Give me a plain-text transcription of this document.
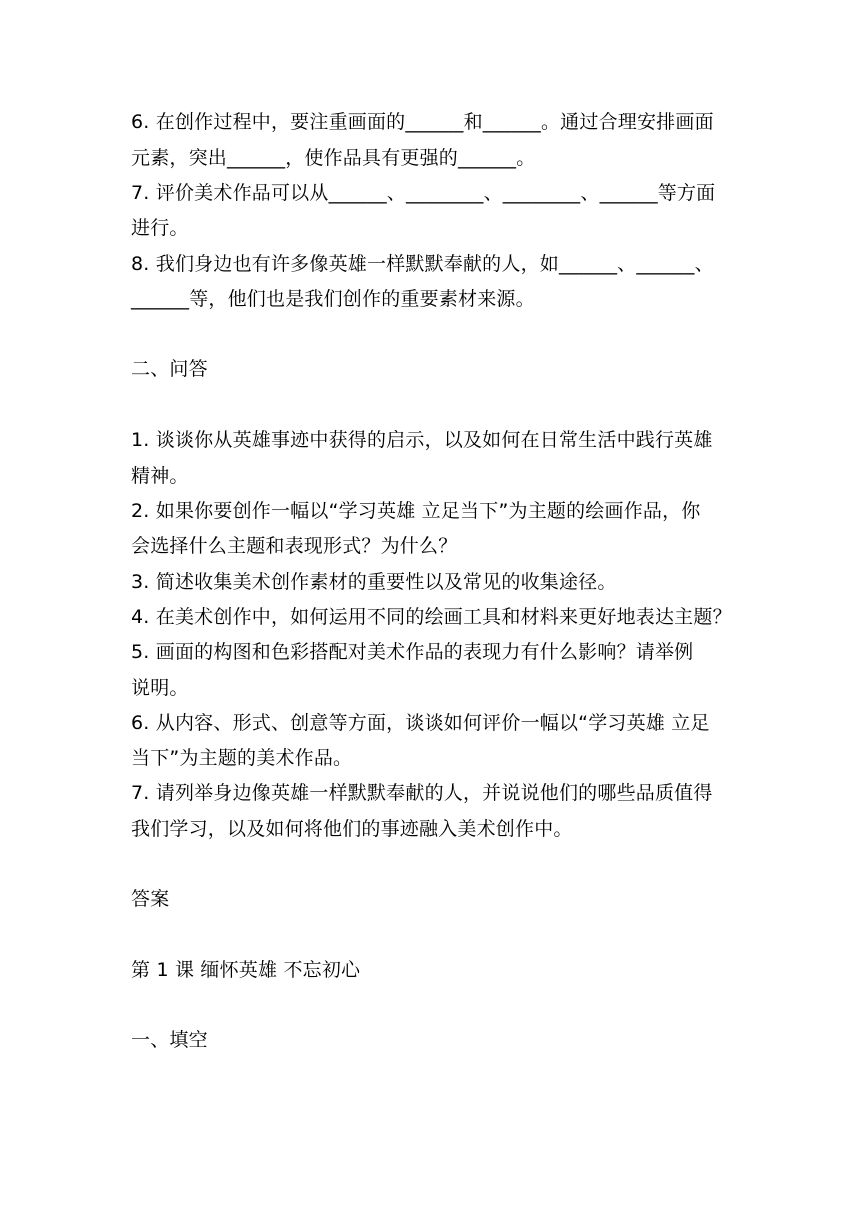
6. 在创作过程中，要注重画面的______和______。通过合理安排画面
元素，突出______，使作品具有更强的______。
7. 评价美术作品可以从______、________、________、______等方面
进行。
8. 我们身边也有许多像英雄一样默默奉献的人，如______、______、
______等，他们也是我们创作的重要素材来源。
二、问答
1. 谈谈你从英雄事迹中获得的启示，以及如何在日常生活中践行英雄
精神。
2. 如果你要创作一幅以“学习英雄 立足当下”为主题的绘画作品，你
会选择什么主题和表现形式？为什么？
3. 简述收集美术创作素材的重要性以及常见的收集途径。
4. 在美术创作中，如何运用不同的绘画工具和材料来更好地表达主题？
5. 画面的构图和色彩搭配对美术作品的表现力有什么影响？请举例
说明。
6. 从内容、形式、创意等方面，谈谈如何评价一幅以“学习英雄 立足
当下”为主题的美术作品。
7. 请列举身边像英雄一样默默奉献的人，并说说他们的哪些品质值得
我们学习，以及如何将他们的事迹融入美术创作中。
答案
第 1 课 缅怀英雄 不忘初心
一、填空
